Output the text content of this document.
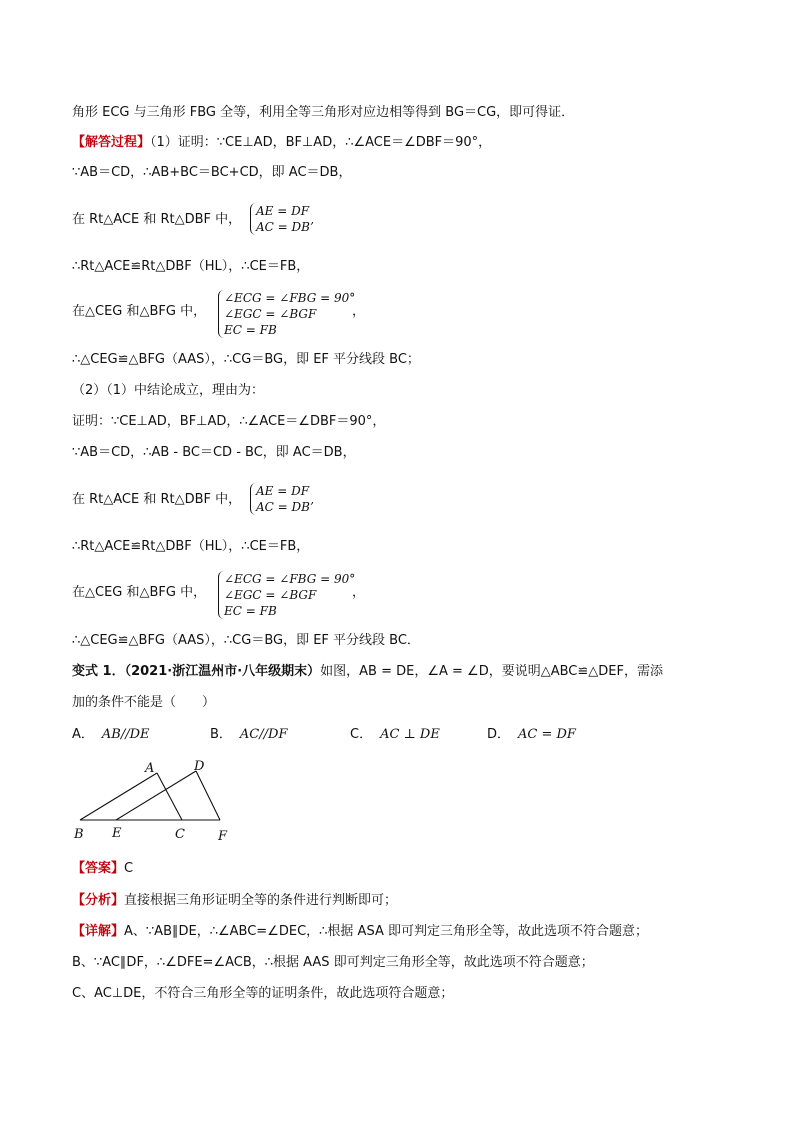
角形 ECG 与三角形 FBG 全等，利用全等三角形对应边相等得到 BG＝CG，即可得证．
【解答过程】（1）证明：∵CE⊥AD，BF⊥AD，∴∠ACE＝∠DBF＝90°，
∵AB＝CD，∴AB+BC＝BC+CD，即 AC＝DB，
在 Rt△ACE 和 Rt△DBF 中，
AE = DF
AC = DB’
∴Rt△ACE≌Rt△DBF（HL），∴CE＝FB，
在△CEG 和△BFG 中，
∠ECG = ∠FBG = 90°
∠EGC = ∠BGF
EC = FB
，
∴△CEG≌△BFG（AAS），∴CG＝BG，即 EF 平分线段 BC；
（2）（1）中结论成立，理由为：
证明：∵CE⊥AD，BF⊥AD，∴∠ACE＝∠DBF＝90°，
∵AB＝CD，∴AB - BC＝CD - BC，即 AC＝DB，
在 Rt△ACE 和 Rt△DBF 中，
AE = DF
AC = DB’
∴Rt△ACE≌Rt△DBF（HL），∴CE＝FB，
在△CEG 和△BFG 中，
∠ECG = ∠FBG = 90°
∠EGC = ∠BGF
EC = FB
，
∴△CEG≌△BFG（AAS），∴CG＝BG，即 EF 平分线段 BC．
变式 1．（2021·浙江温州市·八年级期末）如图，AB = DE，∠A = ∠D，要说明△ABC≌△DEF，需添
加的条件不能是（　　）
A． AB//DE	B． AC//DF	C． AC ⊥ DE	D． AC = DF
A	D
B E	C	F
【答案】C
【分析】直接根据三角形证明全等的条件进行判断即可；
【详解】A、∵AB∥DE，∴∠ABC=∠DEC，∴根据 ASA 即可判定三角形全等，故此选项不符合题意；
B、∵AC∥DF，∴∠DFE=∠ACB，∴根据 AAS 即可判定三角形全等，故此选项不符合题意；
C、AC⊥DE，不符合三角形全等的证明条件，故此选项符合题意；
